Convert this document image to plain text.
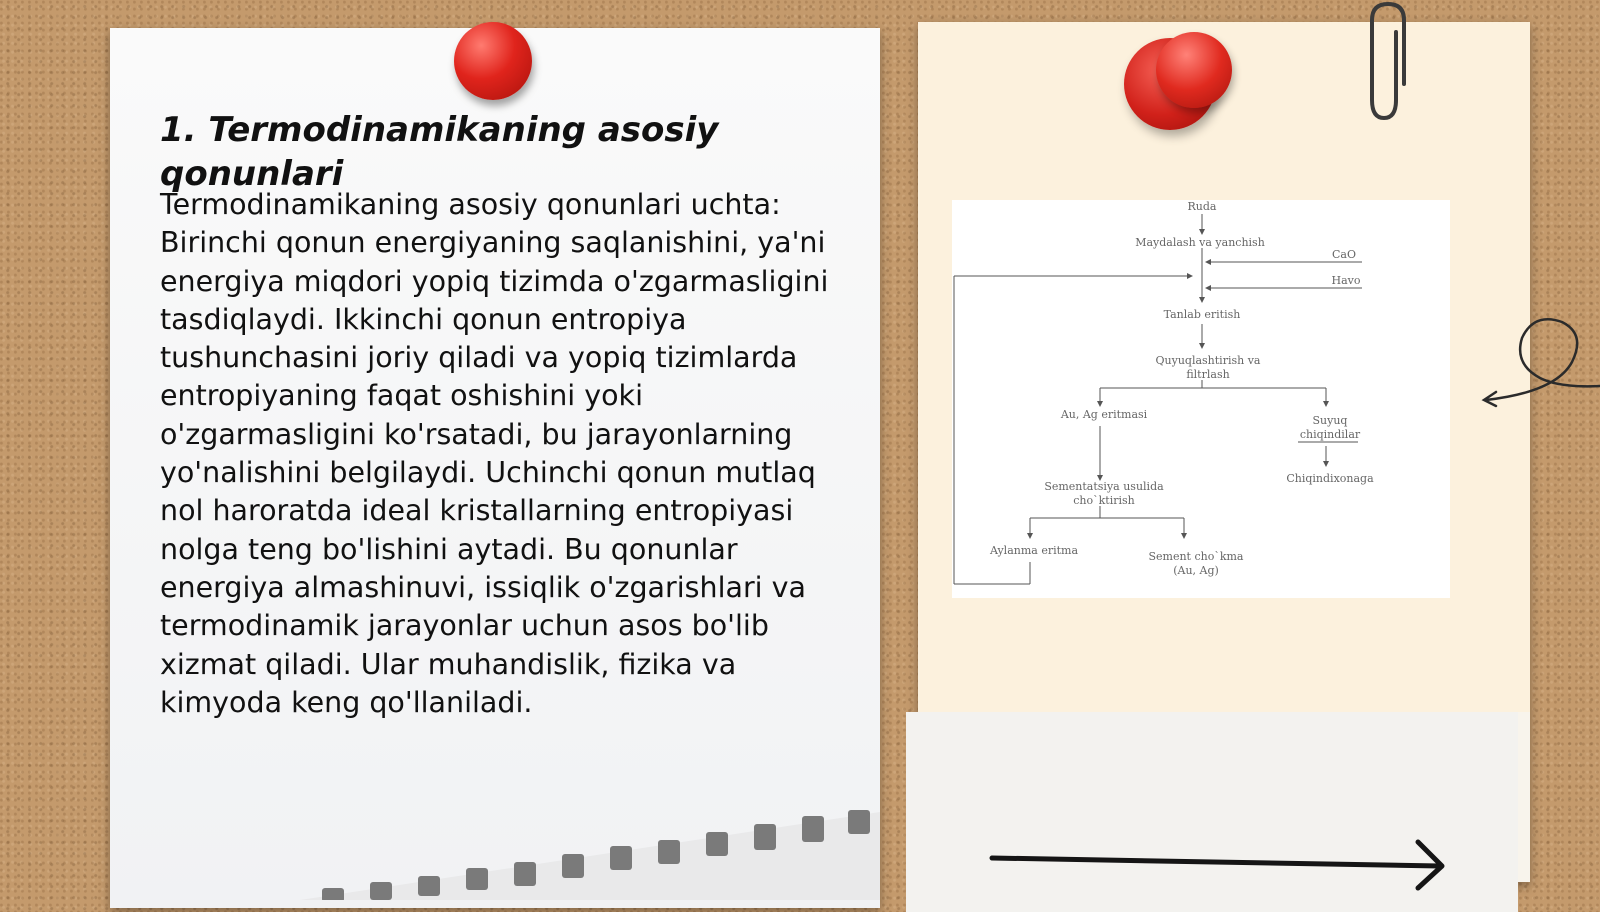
1. Termodinamikaning asosiy qonunlari

Termodinamikaning asosiy qonunlari uchta: Birinchi qonun energiyaning saqlanishini, ya'ni energiya miqdori yopiq tizimda o'zgarmasligini tasdiqlaydi. Ikkinchi qonun entropiya tushunchasini joriy qiladi va yopiq tizimlarda entropiyaning faqat oshishini yoki o'zgarmasligini ko'rsatadi, bu jarayonlarning yo'nalishini belgilaydi. Uchinchi qonun mutlaq nol haroratda ideal kristallarning entropiyasi nolga teng bo'lishini aytadi. Bu qonunlar energiya almashinuvi, issiqlik o'zgarishlari va termodinamik jarayonlar uchun asos bo'lib xizmat qiladi. Ular muhandislik, fizika va kimyoda keng qo'llaniladi.

Ruda
Maydalash va yanchish
CaO
Havo
Tanlab eritish
Quyuqlashtirish va
filtrlash
Au, Ag eritmasi	Suyuq
chiqindilar
Chiqindixonaga
Sementatsiya usulida
cho`ktirish
Aylanma eritma	Sement cho`kma
(Au, Ag)
